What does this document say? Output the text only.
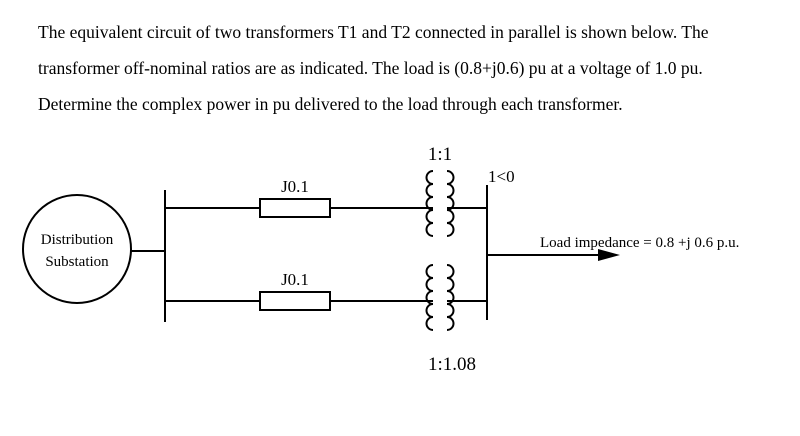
The equivalent circuit of two transformers T1 and T2 connected in parallel is shown below. The

transformer off-nominal ratios are as indicated. The load is (0.8+j0.6) pu at a voltage of 1.0 pu.

Determine the complex power in pu delivered to the load through each transformer.

Distribution
Substation
J0.1
J0.1
1:1
1:1.08
1<0
Load impedance = 0.8 +j 0.6 p.u.
